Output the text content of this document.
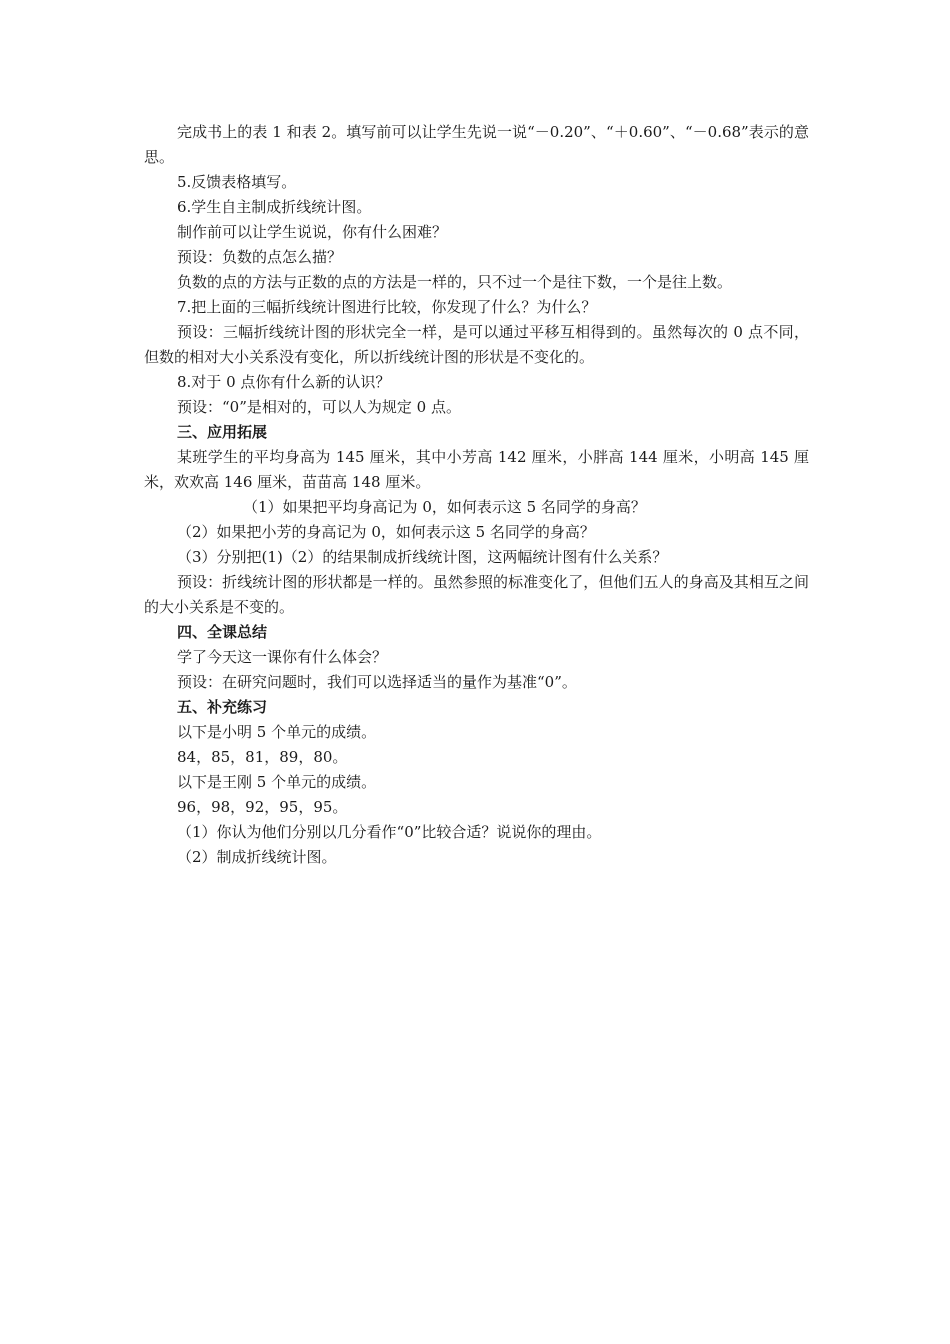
完成书上的表 1 和表 2。填写前可以让学生先说一说“－0.20”、“＋0.60”、“－0.68”表示的意思。

5.反馈表格填写。

6.学生自主制成折线统计图。

制作前可以让学生说说，你有什么困难？

预设：负数的点怎么描？

负数的点的方法与正数的点的方法是一样的，只不过一个是往下数，一个是往上数。

7.把上面的三幅折线统计图进行比较，你发现了什么？为什么？

预设：三幅折线统计图的形状完全一样，是可以通过平移互相得到的。虽然每次的 0 点不同，但数的相对大小关系没有变化，所以折线统计图的形状是不变化的。

8.对于 0 点你有什么新的认识？

预设：“0”是相对的，可以人为规定 0 点。

三、应用拓展

某班学生的平均身高为 145 厘米，其中小芳高 142 厘米，小胖高 144 厘米，小明高 145 厘米，欢欢高 146 厘米，苗苗高 148 厘米。

（1）如果把平均身高记为 0，如何表示这 5 名同学的身高？

（2）如果把小芳的身高记为 0，如何表示这 5 名同学的身高？

（3）分别把(1)（2）的结果制成折线统计图，这两幅统计图有什么关系？

预设：折线统计图的形状都是一样的。虽然参照的标准变化了，但他们五人的身高及其相互之间的大小关系是不变的。

四、全课总结

学了今天这一课你有什么体会？

预设：在研究问题时，我们可以选择适当的量作为基准“0”。

五、补充练习

以下是小明 5 个单元的成绩。

84，85，81，89，80。

以下是王刚 5 个单元的成绩。

96，98，92，95，95。

（1）你认为他们分别以几分看作“0”比较合适？说说你的理由。

（2）制成折线统计图。
